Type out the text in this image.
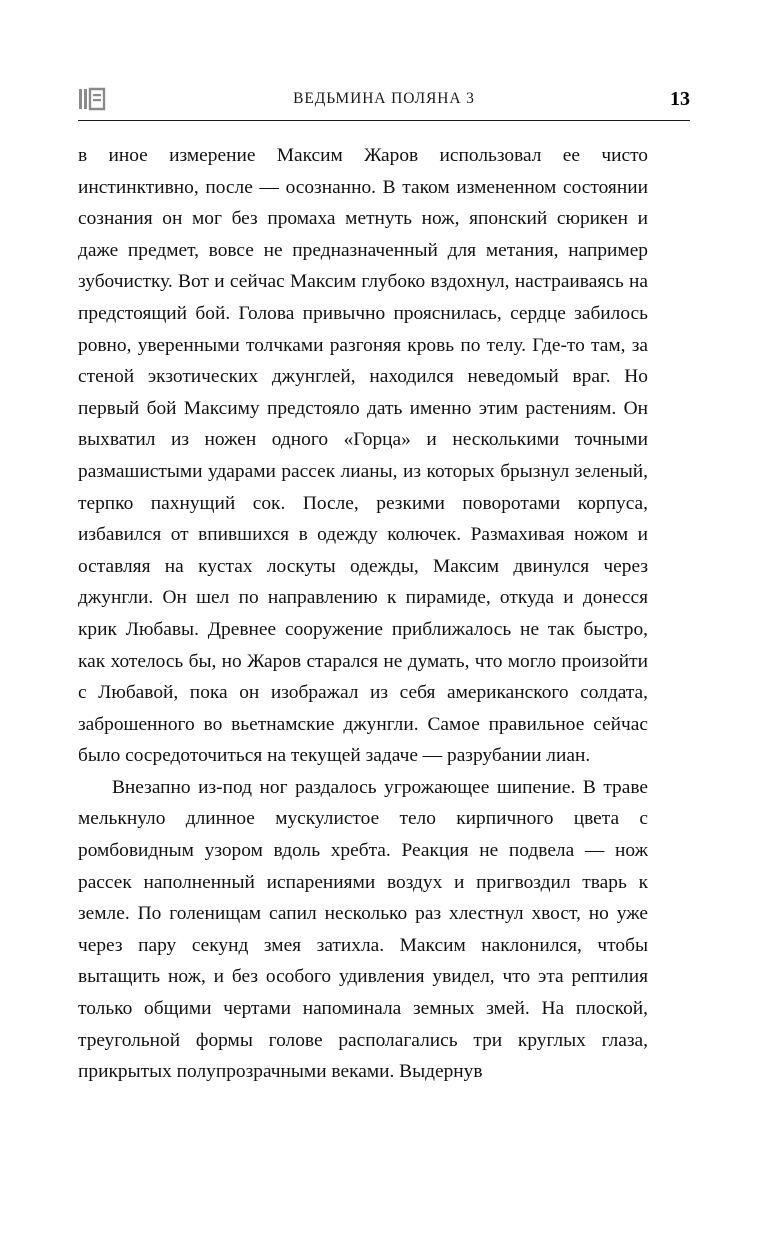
ВЕДЬМИНА ПОЛЯНА 3	13

в иное измерение Максим Жаров использовал ее чисто инстинктивно, после — осознанно. В таком измененном состоянии сознания он мог без промаха метнуть нож, японский сюрикен и даже предмет, вовсе не предназначенный для метания, например зубочистку. Вот и сейчас Максим глубоко вздохнул, настраиваясь на предстоящий бой. Голова привычно прояснилась, сердце забилось ровно, уверенными толчками разгоняя кровь по телу. Где-то там, за стеной экзотических джунглей, находился неведомый враг. Но первый бой Максиму предстояло дать именно этим растениям. Он выхватил из ножен одного «Горца» и несколькими точными размашистыми ударами рассек лианы, из которых брызнул зеленый, терпко пахнущий сок. После, резкими поворотами корпуса, избавился от впившихся в одежду колючек. Размахивая ножом и оставляя на кустах лоскуты одежды, Максим двинулся через джунгли. Он шел по направлению к пирамиде, откуда и донесся крик Любавы. Древнее сооружение приближалось не так быстро, как хотелось бы, но Жаров старался не думать, что могло произойти с Любавой, пока он изображал из себя американского солдата, заброшенного во вьетнамские джунгли. Самое правильное сейчас было сосредоточиться на текущей задаче — разрубании лиан.

Внезапно из-под ног раздалось угрожающее шипение. В траве мелькнуло длинное мускулистое тело кирпичного цвета с ромбовидным узором вдоль хребта. Реакция не подвела — нож рассек наполненный испарениями воздух и пригвоздил тварь к земле. По голенищам сапил несколько раз хлестнул хвост, но уже через пару секунд змея затихла. Максим наклонился, чтобы вытащить нож, и без особого удивления увидел, что эта рептилия только общими чертами напоминала земных змей. На плоской, треугольной формы голове располагались три круглых глаза, прикрытых полупрозрачными веками. Выдернув
